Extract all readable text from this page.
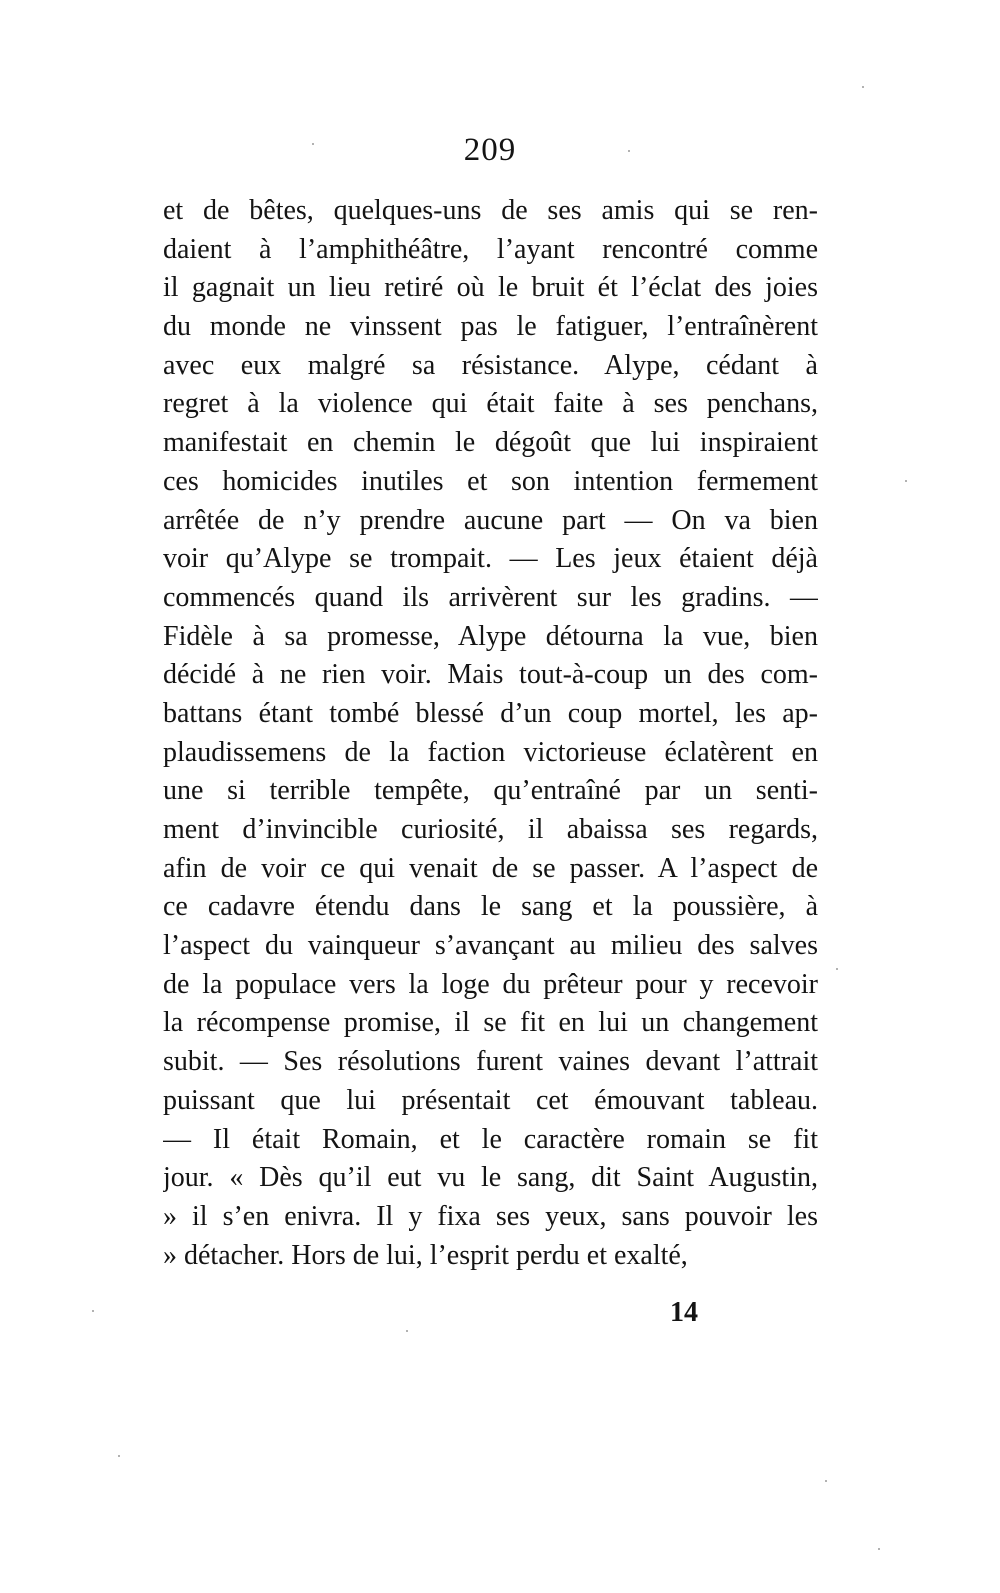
209
et de bêtes, quelques-uns de ses amis qui se ren-
daient à l’amphithéâtre, l’ayant rencontré comme
il gagnait un lieu retiré où le bruit ét l’éclat des joies
du monde ne vinssent pas le fatiguer, l’entraînèrent
avec eux malgré sa résistance. Alype, cédant à
regret à la violence qui était faite à ses penchans,
manifestait en chemin le dégoût que lui inspiraient
ces homicides inutiles et son intention fermement
arrêtée de n’y prendre aucune part — On va bien
voir qu’Alype se trompait. — Les jeux étaient déjà
commencés quand ils arrivèrent sur les gradins. —
Fidèle à sa promesse, Alype détourna la vue, bien
décidé à ne rien voir. Mais tout-à-coup un des com-
battans étant tombé blessé d’un coup mortel, les ap-
plaudissemens de la faction victorieuse éclatèrent en
une si terrible tempête, qu’entraîné par un senti-
ment d’invincible curiosité, il abaissa ses regards,
afin de voir ce qui venait de se passer. A l’aspect de
ce cadavre étendu dans le sang et la poussière, à
l’aspect du vainqueur s’avançant au milieu des salves
de la populace vers la loge du prêteur pour y recevoir
la récompense promise, il se fit en lui un changement
subit. — Ses résolutions furent vaines devant l’attrait
puissant que lui présentait cet émouvant tableau.
— Il était Romain, et le caractère romain se fit
jour. « Dès qu’il eut vu le sang, dit Saint Augustin,
» il s’en enivra. Il y fixa ses yeux, sans pouvoir les
» détacher. Hors de lui, l’esprit perdu et exalté,
14
